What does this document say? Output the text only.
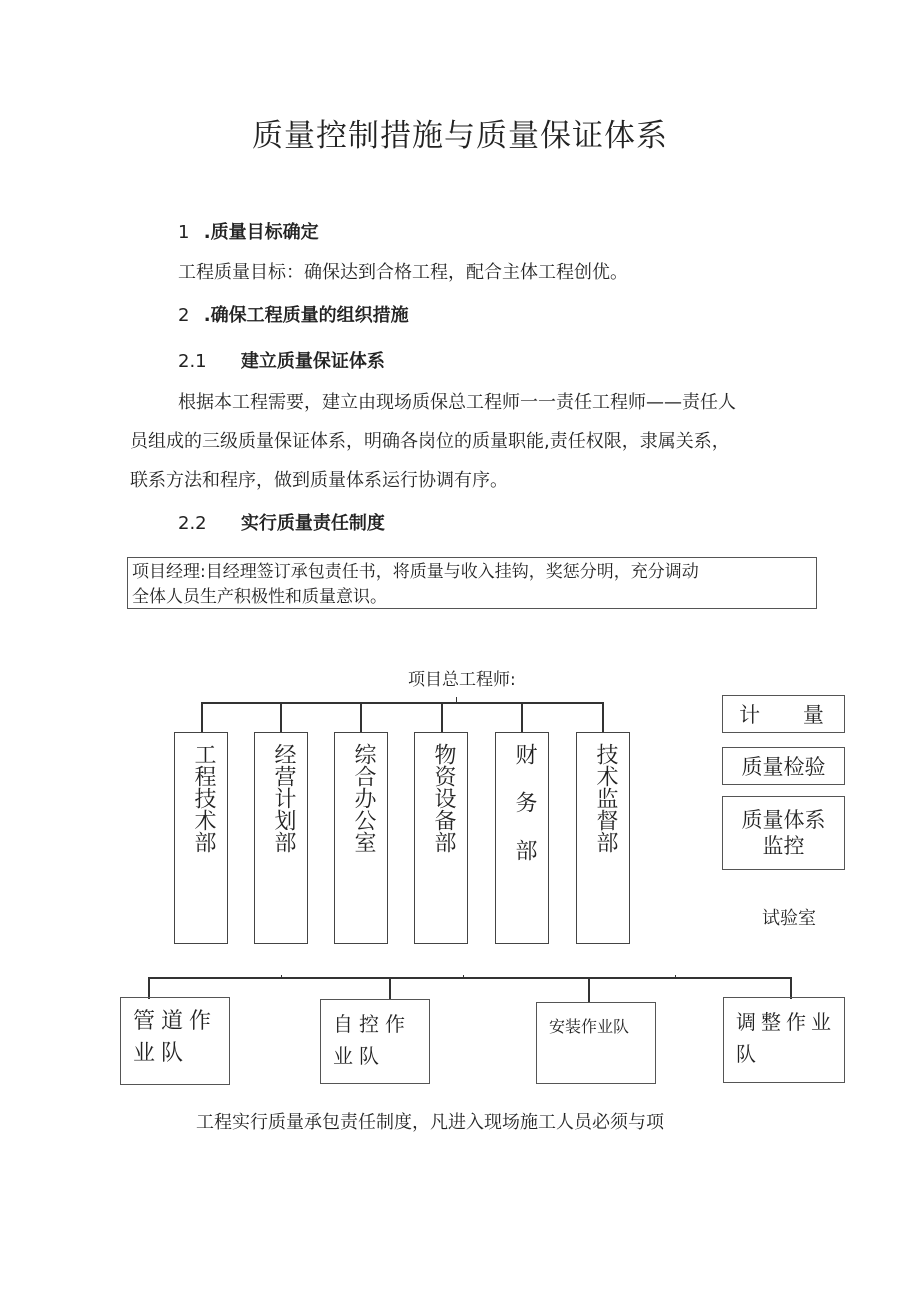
质量控制措施与质量保证体系
1 .质量目标确定
工程质量目标：确保达到合格工程，配合主体工程创优。
2 .确保工程质量的组织措施
2.1 建立质量保证体系
根据本工程需要，建立由现场质保总工程师一一责任工程师——责任人
员组成的三级质量保证体系，明确各岗位的质量职能,责任权限，隶属关系，
联系方法和程序，做到质量体系运行协调有序。
2.2 实行质量责任制度
项目经理:目经理签订承包责任书，将质量与收入挂钩，奖惩分明，充分调动
全体人员生产积极性和质量意识。
项目总工程师:
工程技术部	经营计划部	综合办公室	物资设备部	财务部	技术监督部
计 量
质量检验
质量体系监控
试验室
管道作业队
自控作业队
安装作业队	调整作业队
工程实行质量承包责任制度，凡进入现场施工人员必须与项
